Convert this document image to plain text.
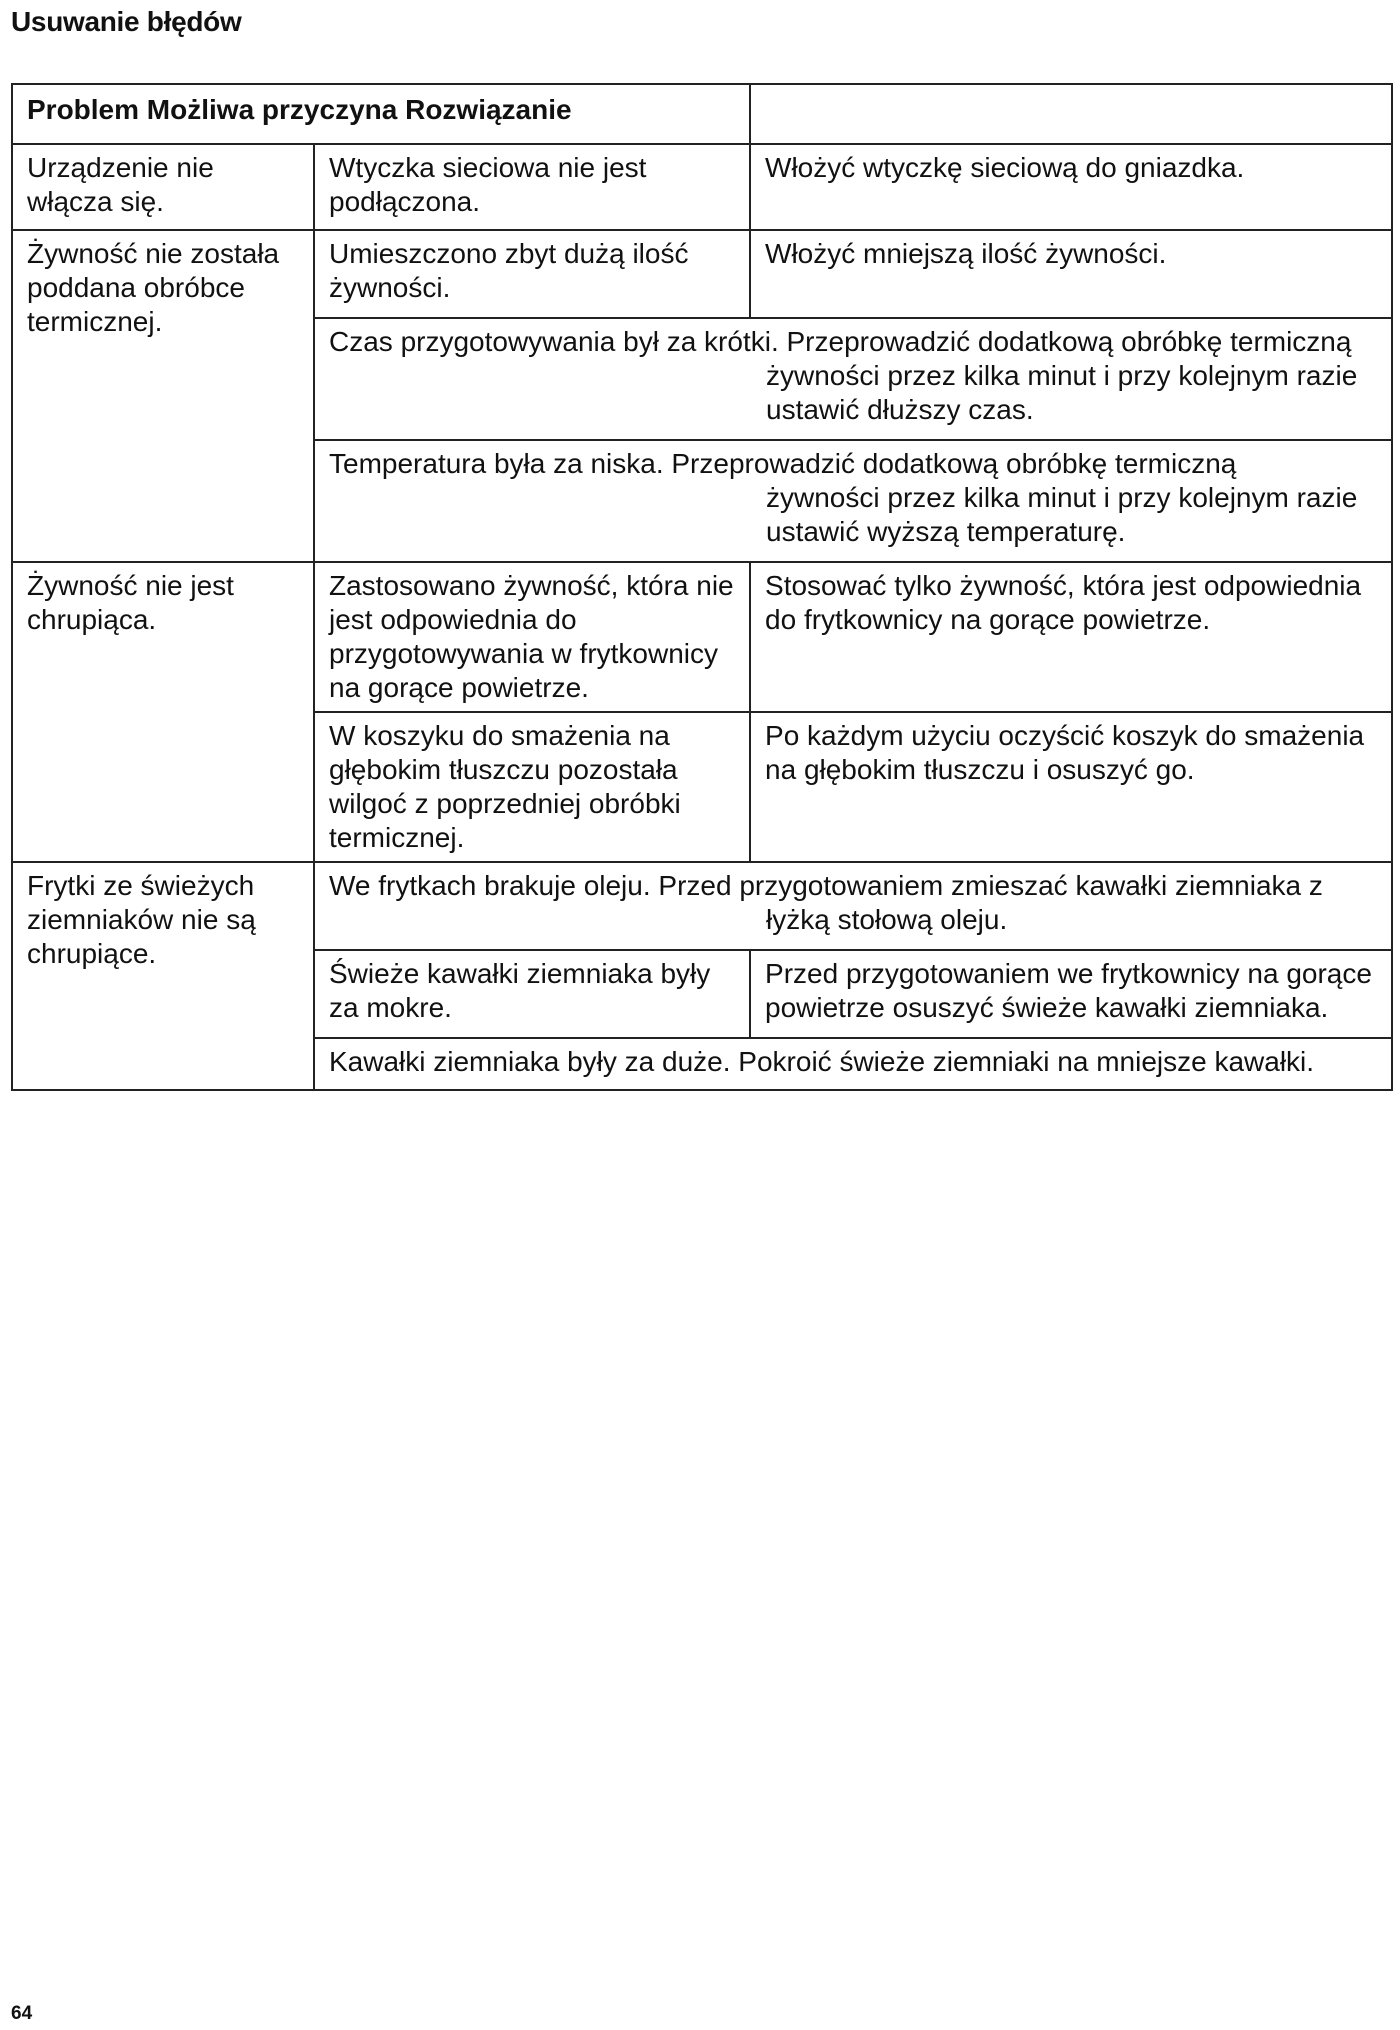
Usuwanie błędów
Problem Możliwa przyczyna Rozwiązanie		
Urządzenie nie włącza się.	Wtyczka sieciowa nie jest podłączona.	Włożyć wtyczkę sieciową do gniazdka.
Żywność nie została poddana obróbce termicznej.	Umieszczono zbyt dużą ilość żywności.	Włożyć mniejszą ilość żywności.
	Czas przygotowywania był za krótki. Przeprowadzić dodatkową obróbkę termiczną
żywności przez kilka minut i przy kolejnym razie ustawić dłuższy czas.	

	Temperatura była za niska. Przeprowadzić dodatkową obróbkę termiczną
żywności przez kilka minut i przy kolejnym razie ustawić wyższą temperaturę.	

Żywność nie jest chrupiąca.	Zastosowano żywność, która nie jest odpowiednia do przygotowywania w frytkownicy na gorące powietrze.	Stosować tylko żywność, która jest odpowiednia do frytkownicy na gorące powietrze.
	W koszyku do smażenia na głębokim tłuszczu pozostała wilgoć z poprzedniej obróbki termicznej.	Po każdym użyciu oczyścić koszyk do smażenia na głębokim tłuszczu i osuszyć go.
Frytki ze świeżych ziemniaków nie są chrupiące.	We frytkach brakuje oleju. Przed przygotowaniem zmieszać kawałki ziemniaka z
łyżką stołową oleju.	

	Świeże kawałki ziemniaka były za mokre.	Przed przygotowaniem we frytkownicy na gorące powietrze osuszyć świeże kawałki ziemniaka.
	Kawałki ziemniaka były za duże. Pokroić świeże ziemniaki na mniejsze kawałki.	
64
